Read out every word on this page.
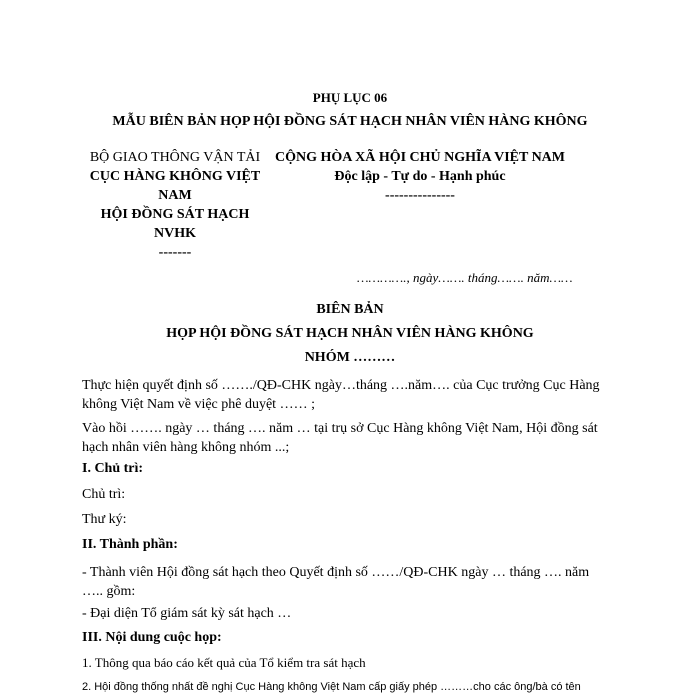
PHỤ LỤC 06
MẪU BIÊN BẢN HỌP HỘI ĐỒNG SÁT HẠCH NHÂN VIÊN HÀNG KHÔNG
BỘ GIAO THÔNG VẬN TẢI
CỤC HÀNG KHÔNG VIỆT
NAM
HỘI ĐỒNG SÁT HẠCH
NVHK
-------
CỘNG HÒA XÃ HỘI CHỦ NGHĨA VIỆT NAM
Độc lập - Tự do - Hạnh phúc
---------------
…………., ngày……. tháng……. năm……
BIÊN BẢN
HỌP HỘI ĐỒNG SÁT HẠCH NHÂN VIÊN HÀNG KHÔNG
NHÓM ………
Thực hiện quyết định số ……./QĐ-CHK ngày…tháng ….năm…. của Cục trưởng Cục Hàng không Việt Nam về việc phê duyệt …… ;
Vào hồi ……. ngày … tháng …. năm … tại trụ sở Cục Hàng không Việt Nam, Hội đồng sát hạch nhân viên hàng không nhóm ...;
I. Chủ trì:
Chủ trì:
Thư ký:
II. Thành phần:
- Thành viên Hội đồng sát hạch theo Quyết định số ……/QĐ-CHK ngày … tháng …. năm ….. gồm:
- Đại diện Tổ giám sát kỳ sát hạch …
III. Nội dung cuộc họp:
1. Thông qua báo cáo kết quả của Tổ kiểm tra sát hạch
2. Hội đồng thống nhất đề nghị Cục Hàng không Việt Nam cấp giấy phép ………cho các ông/bà có tên
